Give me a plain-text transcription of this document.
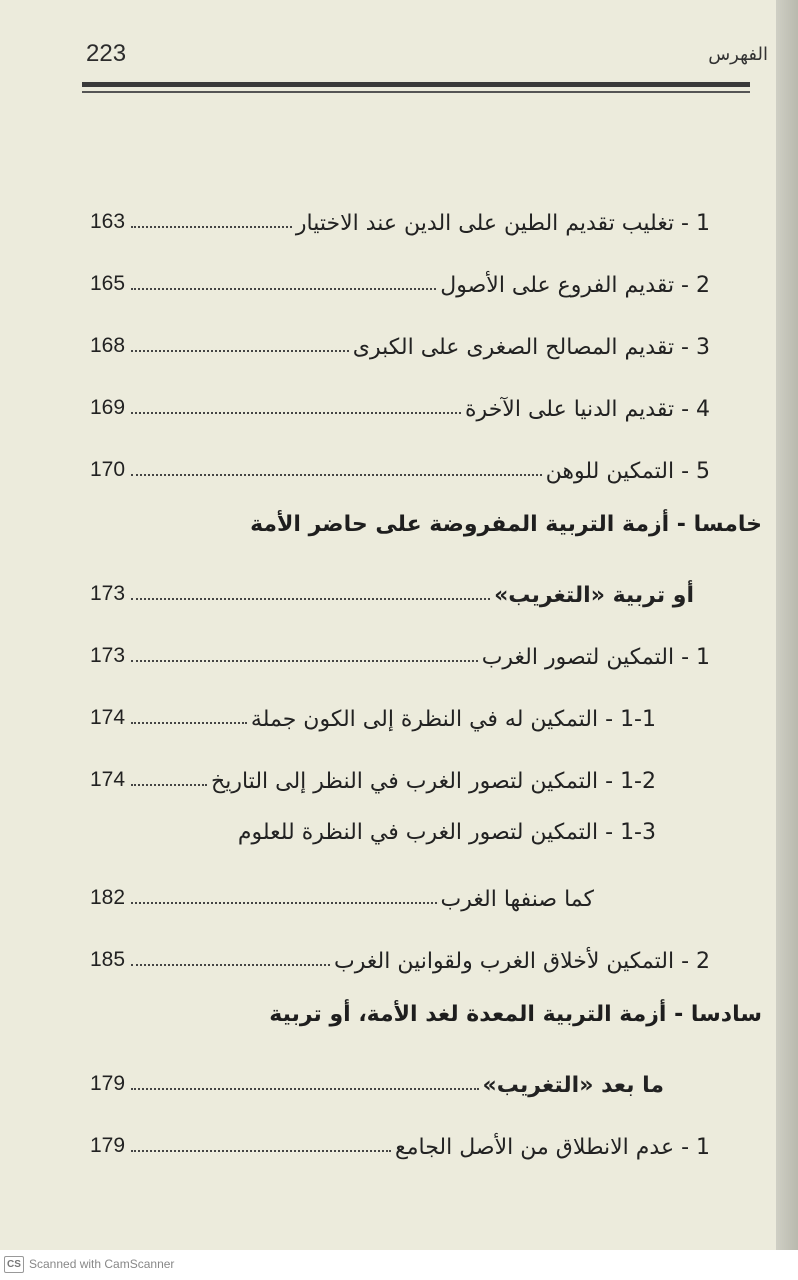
223	الفهرس
1 - تغليب تقديم الطين على الدين عند الاختيار
163
2 - تقديم الفروع على الأصول
165
3 - تقديم المصالح الصغرى على الكبرى
168
4 - تقديم الدنيا على الآخرة
169
5 - التمكين للوهن
170
خامسا - أزمة التربية المفروضة على حاضر الأمة
أو تربية «التغريب»
173
1 - التمكين لتصور الغرب
173
1-1 - التمكين له في النظرة إلى الكون جملة
174
1-2 - التمكين لتصور الغرب في النظر إلى التاريخ
174
1-3 - التمكين لتصور الغرب في النظرة للعلوم
كما صنفها الغرب
182
2 - التمكين لأخلاق الغرب ولقوانين الغرب
185
سادسا - أزمة التربية المعدة لغد الأمة، أو تربية
ما بعد «التغريب»
179
1 - عدم الانطلاق من الأصل الجامع
179
CS Scanned with CamScanner
